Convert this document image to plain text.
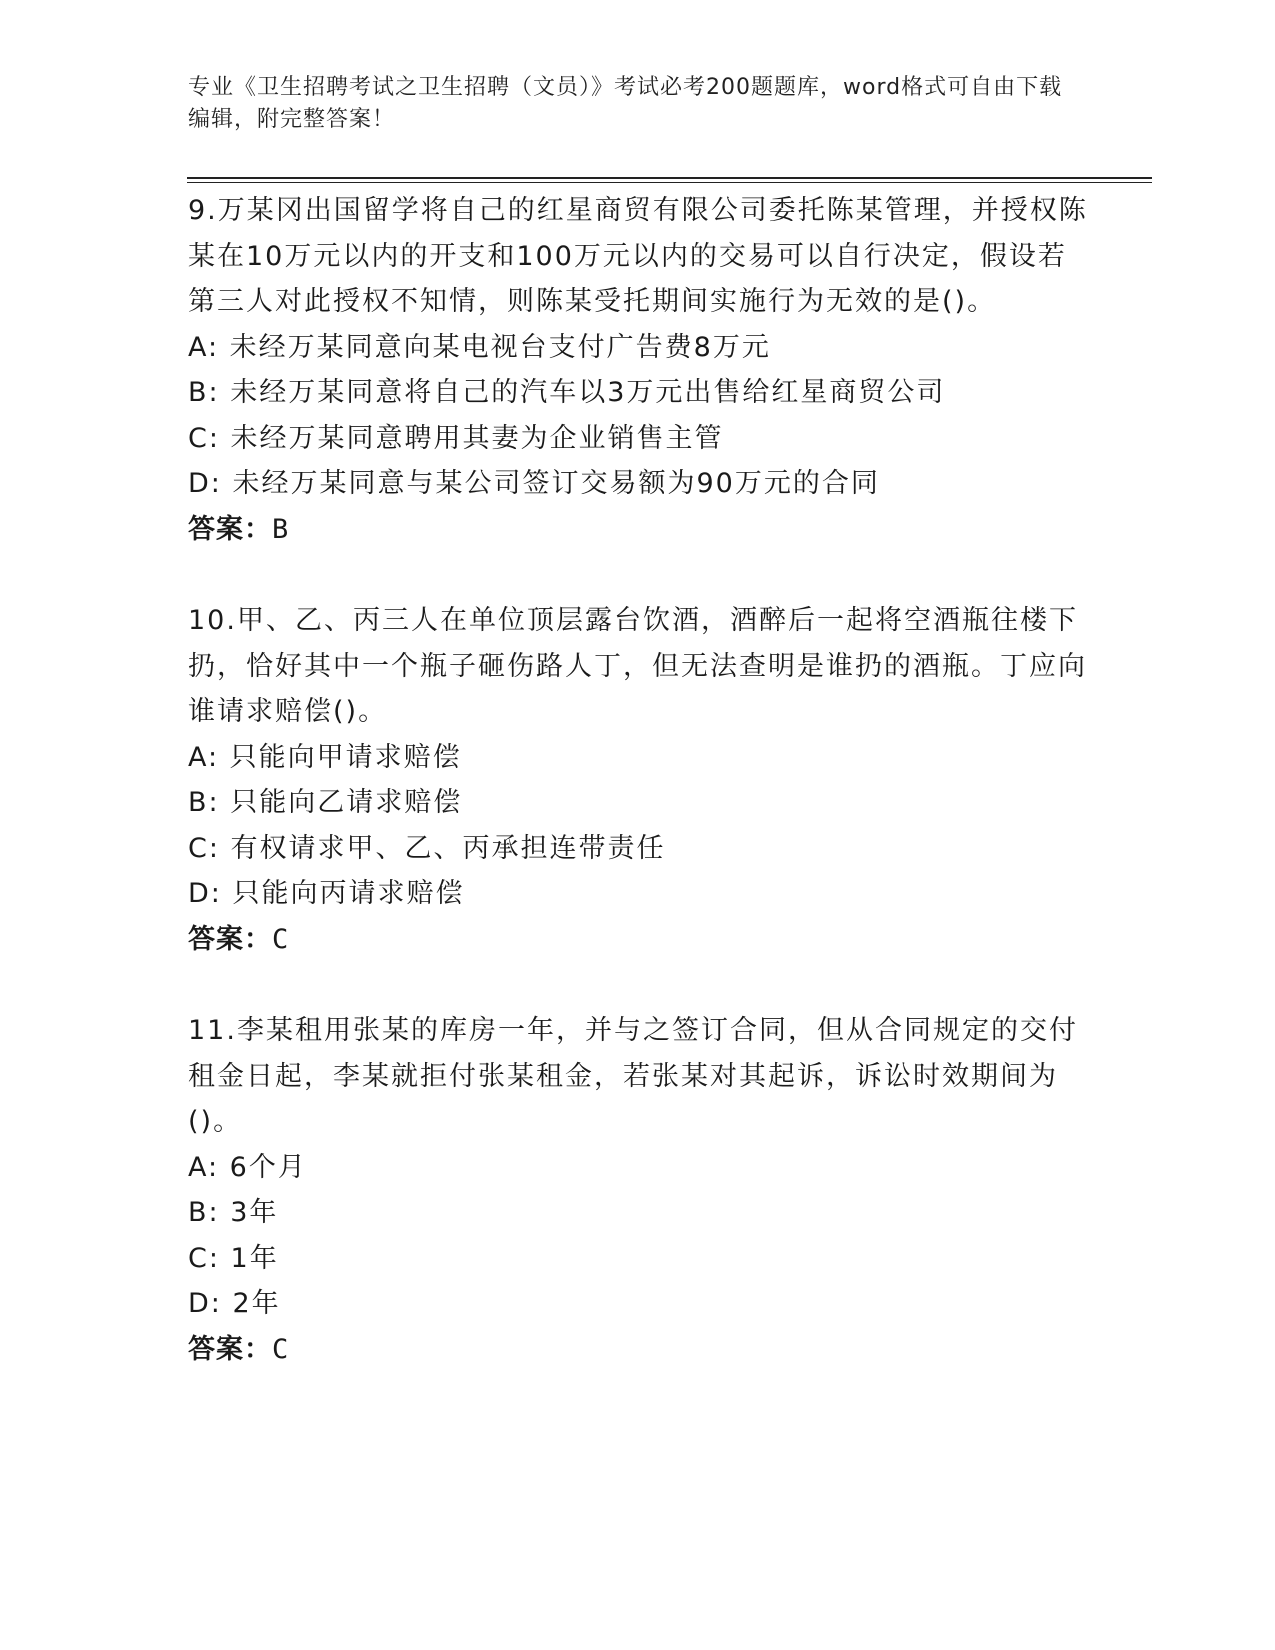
专业《卫生招聘考试之卫生招聘（文员）》考试必考200题题库，word格式可自由下载编辑，附完整答案！

9.万某冈出国留学将自己的红星商贸有限公司委托陈某管理，并授权陈某在10万元以内的开支和100万元以内的交易可以自行决定，假设若第三人对此授权不知情，则陈某受托期间实施行为无效的是()。

A: 未经万某同意向某电视台支付广告费8万元

B: 未经万某同意将自己的汽车以3万元出售给红星商贸公司

C: 未经万某同意聘用其妻为企业销售主管

D: 未经万某同意与某公司签订交易额为90万元的合同

答案：B

10.甲、乙、丙三人在单位顶层露台饮酒，酒醉后一起将空酒瓶往楼下扔，恰好其中一个瓶子砸伤路人丁，但无法查明是谁扔的酒瓶。丁应向谁请求赔偿()。

A: 只能向甲请求赔偿

B: 只能向乙请求赔偿

C: 有权请求甲、乙、丙承担连带责任

D: 只能向丙请求赔偿

答案：C

11.李某租用张某的库房一年，并与之签订合同，但从合同规定的交付租金日起，李某就拒付张某租金，若张某对其起诉，诉讼时效期间为()。

A: 6个月

B: 3年

C: 1年

D: 2年

答案：C
